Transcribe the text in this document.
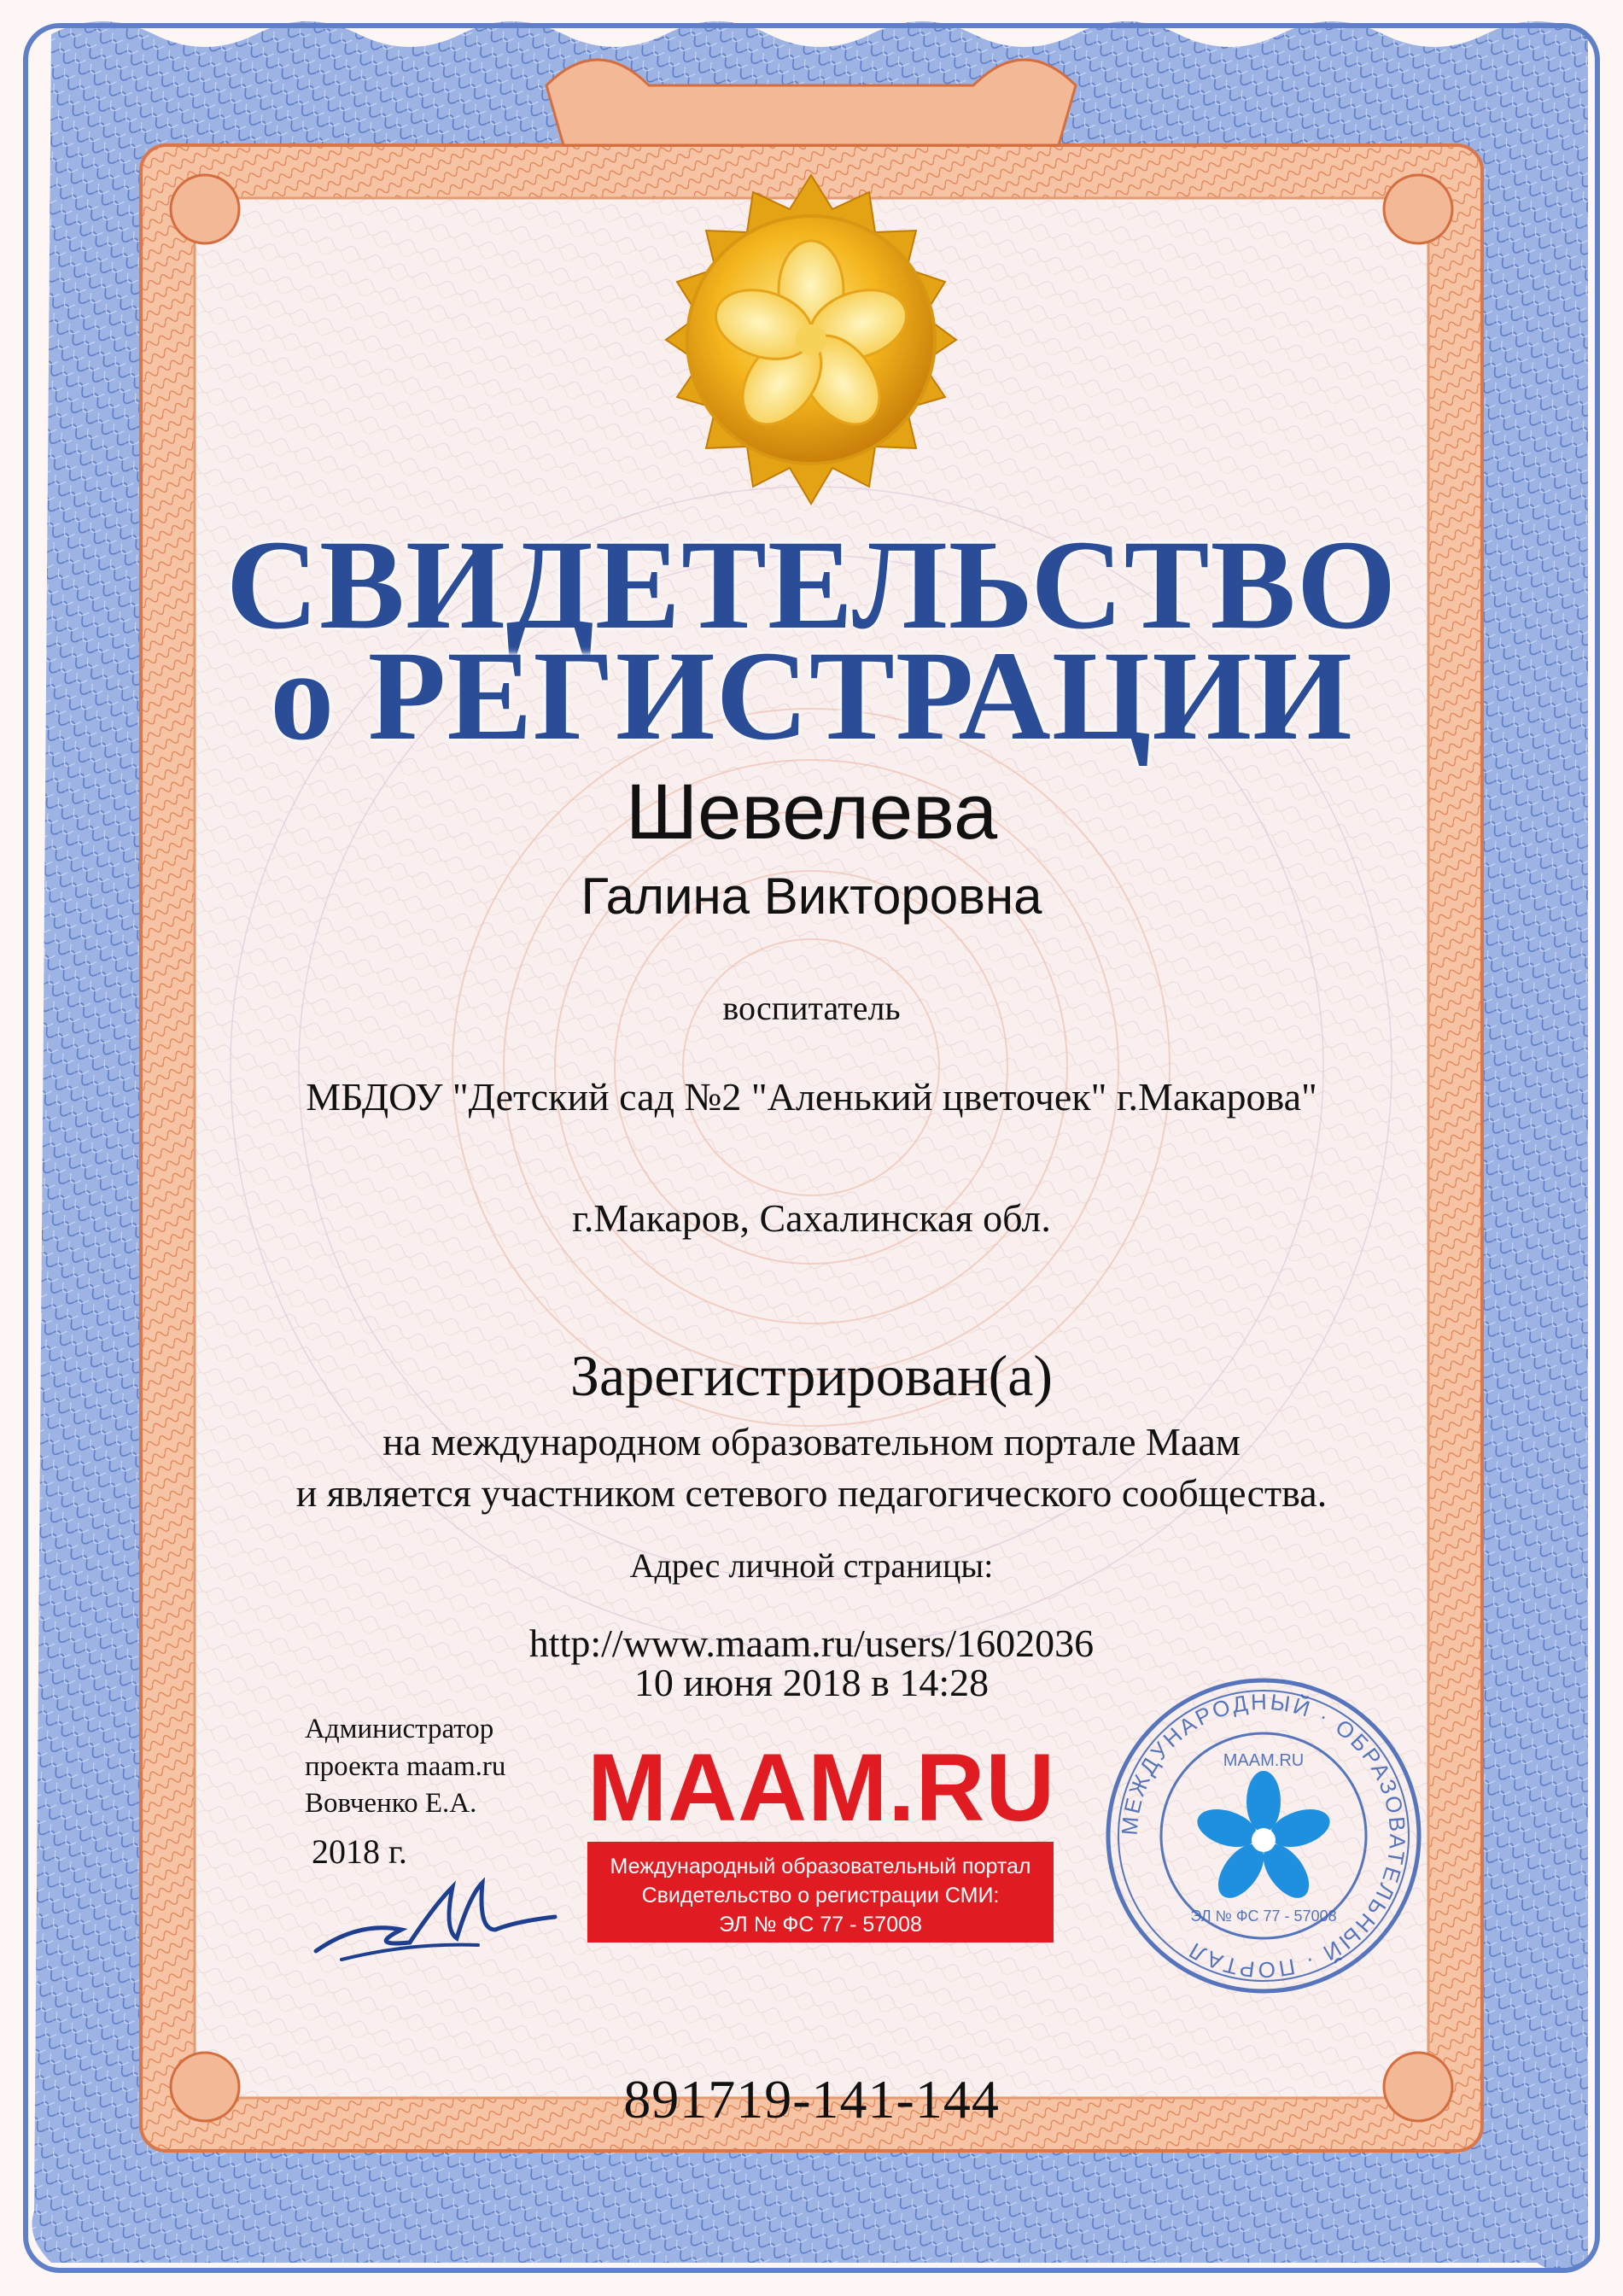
СВИДЕТЕЛЬСТВО
о РЕГИСТРАЦИИ
Шевелева
Галина Викторовна
воспитатель
МБДОУ "Детский сад №2 "Аленький цветочек" г.Макарова"
г.Макаров, Сахалинская обл.
Зарегистрирован(а)
на международном образовательном портале Маам
и является участником сетевого педагогического сообщества.
Адрес личной страницы:
http://www.maam.ru/users/1602036
10 июня 2018 в 14:28
Администратор
проекта maam.ru
Вовченко Е.А.
2018 г.
MAAM.RU
Международный образовательный портал
Свидетельство о регистрации СМИ:
ЭЛ № ФС 77 - 57008
МЕЖДУНАРОДНЫЙ · ОБРАЗОВАТЕЛЬНЫЙ · ПОРТАЛ
MAAM.RU
ЭЛ № ФС 77 - 57008
891719-141-144
